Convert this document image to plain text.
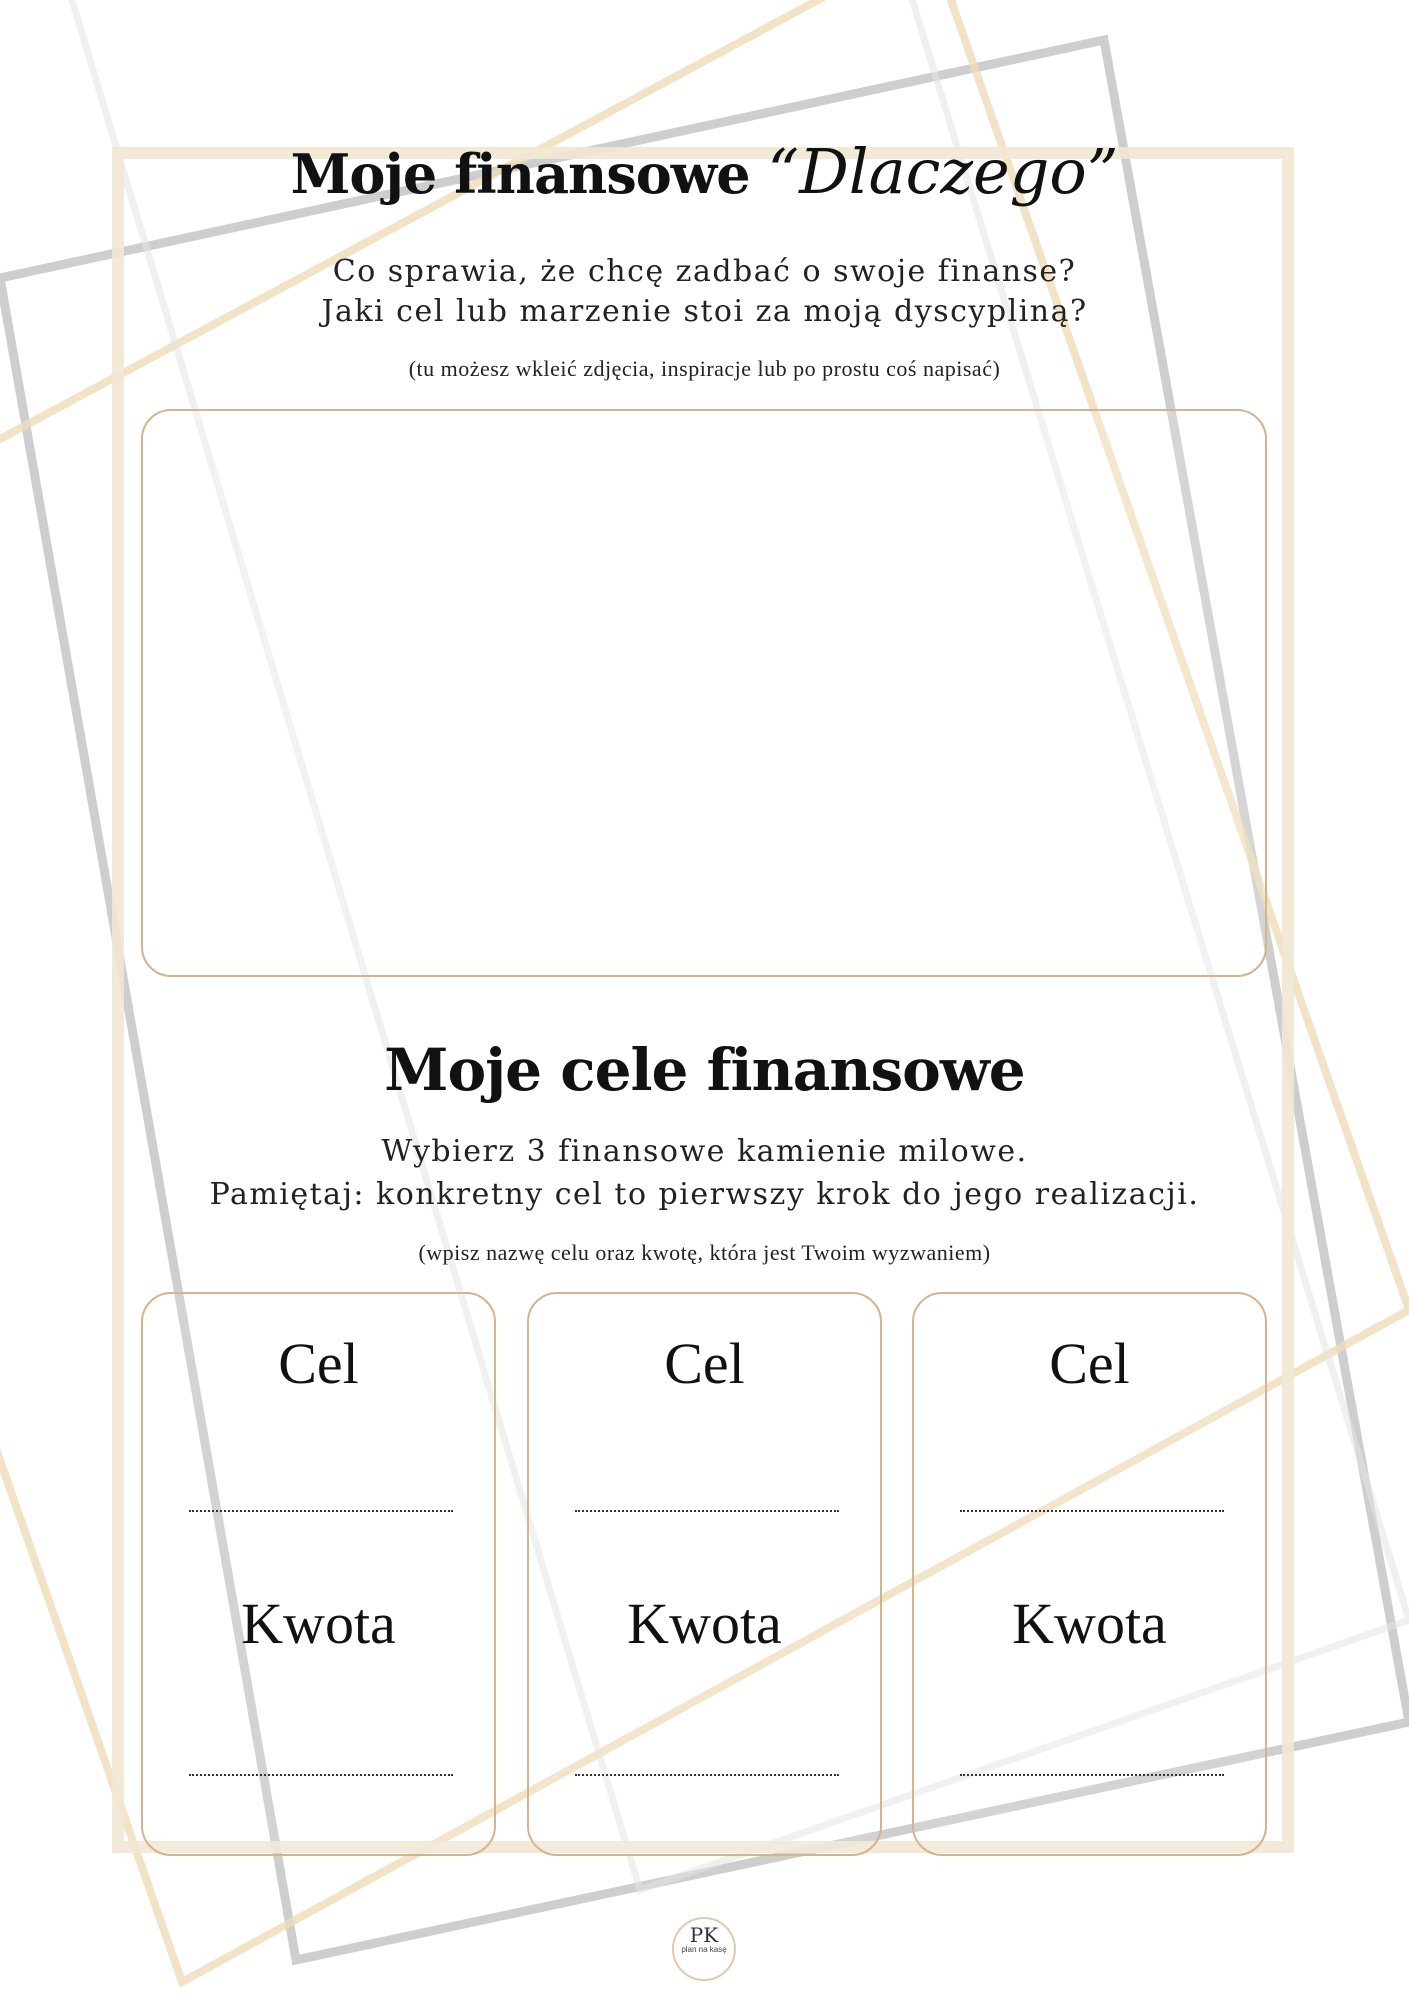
Moje finansowe “Dlaczego”
Co sprawia, że chcę zadbać o swoje finanse?
Jaki cel lub marzenie stoi za moją dyscypliną?
(tu możesz wkleić zdjęcia, inspiracje lub po prostu coś napisać)
Moje cele finansowe
Wybierz 3 finansowe kamienie milowe.
Pamiętaj: konkretny cel to pierwszy krok do jego realizacji.
(wpisz nazwę celu oraz kwotę, która jest Twoim wyzwaniem)
Cel
Kwota
Cel
Kwota
Cel
Kwota
PK
plan na kasę
